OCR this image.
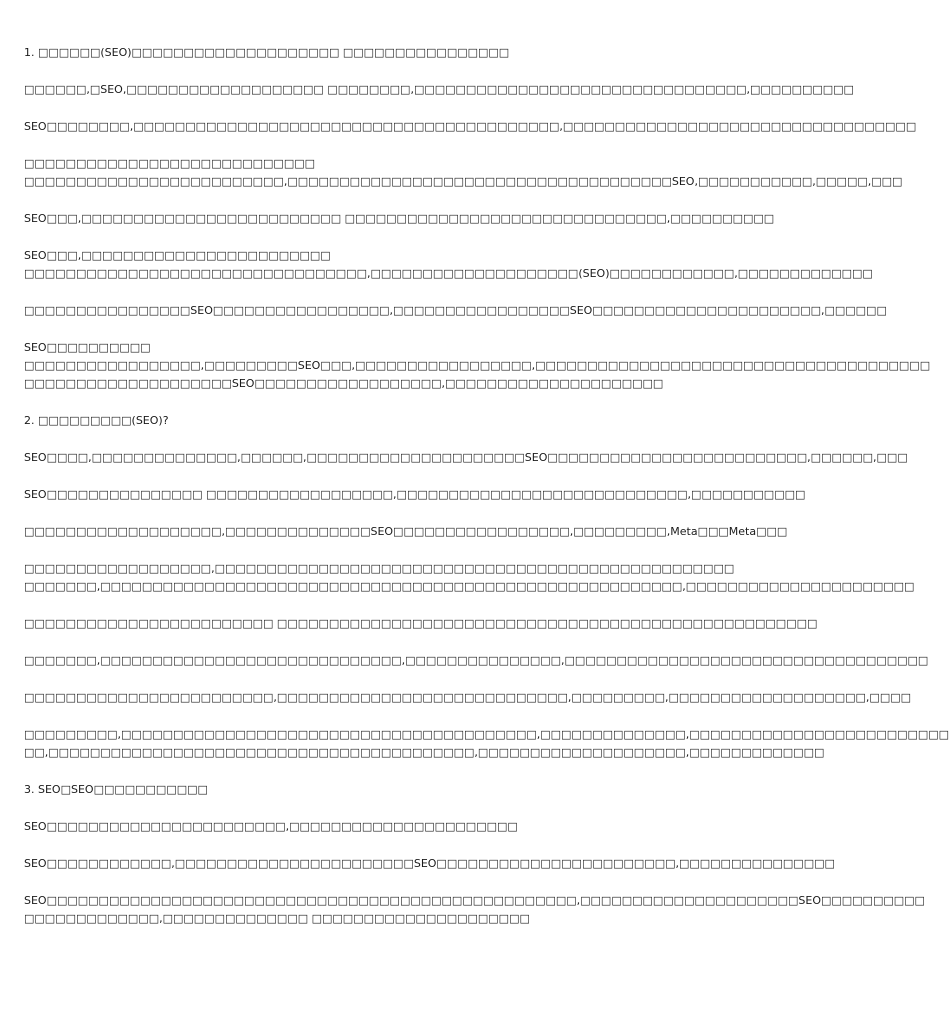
1. □□□□□□(SEO)□□□□□□□□□□□□□□□□□□□□ □□□□□□□□□□□□□□□□
□□□□□□,□SEO,□□□□□□□□□□□□□□□□□□□ □□□□□□□□,□□□□□□□□□□□□□□□□□□□□□□□□□□□□□□□□,□□□□□□□□□□
SEO□□□□□□□□,□□□□□□□□□□□□□□□□□□□□□□□□□□□□□□□□□□□□□□□□□,□□□□□□□□□□□□□□□□□□□□□□□□□□□□□□□□□□
□□□□□□□□□□□□□□□□□□□□□□□□□□□□
□□□□□□□□□□□□□□□□□□□□□□□□□,□□□□□□□□□□□□□□□□□□□□□□□□□□□□□□□□□□□□□SEO,□□□□□□□□□□□,□□□□□,□□□
SEO□□□,□□□□□□□□□□□□□□□□□□□□□□□□□ □□□□□□□□□□□□□□□□□□□□□□□□□□□□□□□,□□□□□□□□□□
SEO□□□,□□□□□□□□□□□□□□□□□□□□□□□□
□□□□□□□□□□□□□□□□□□□□□□□□□□□□□□□□□,□□□□□□□□□□□□□□□□□□□□(SEO)□□□□□□□□□□□□,□□□□□□□□□□□□□
□□□□□□□□□□□□□□□□SEO□□□□□□□□□□□□□□□□□,□□□□□□□□□□□□□□□□□SEO□□□□□□□□□□□□□□□□□□□□□□,□□□□□□
SEO□□□□□□□□□□
□□□□□□□□□□□□□□□□□,□□□□□□□□□SEO□□□,□□□□□□□□□□□□□□□□□,□□□□□□□□□□□□□□□□□□□□□□□□□□□□□□□□□□□□□□
□□□□□□□□□□□□□□□□□□□□SEO□□□□□□□□□□□□□□□□□□,□□□□□□□□□□□□□□□□□□□□□
2. □□□□□□□□□(SEO)?
SEO□□□□,□□□□□□□□□□□□□□,□□□□□□,□□□□□□□□□□□□□□□□□□□□□SEO□□□□□□□□□□□□□□□□□□□□□□□□□,□□□□□□,□□□
SEO□□□□□□□□□□□□□□□ □□□□□□□□□□□□□□□□□□,□□□□□□□□□□□□□□□□□□□□□□□□□□□□,□□□□□□□□□□□
□□□□□□□□□□□□□□□□□□□,□□□□□□□□□□□□□□SEO□□□□□□□□□□□□□□□□□,□□□□□□□□□,Meta□□□Meta□□□
□□□□□□□□□□□□□□□□□□,□□□□□□□□□□□□□□□□□□□□□□□□□□□□□□□□□□□□□□□□□□□□□□□□□□
□□□□□□□,□□□□□□□□□□□□□□□□□□□□□□□□□□□□□□□□□□□□□□□□□□□□□□□□□□□□□□□□,□□□□□□□□□□□□□□□□□□□□□□
□□□□□□□□□□□□□□□□□□□□□□□□ □□□□□□□□□□□□□□□□□□□□□□□□□□□□□□□□□□□□□□□□□□□□□□□□□□□□
□□□□□□□,□□□□□□□□□□□□□□□□□□□□□□□□□□□□□,□□□□□□□□□□□□□□□,□□□□□□□□□□□□□□□□□□□□□□□□□□□□□□□□□□□
□□□□□□□□□□□□□□□□□□□□□□□□,□□□□□□□□□□□□□□□□□□□□□□□□□□□□,□□□□□□□□□,□□□□□□□□□□□□□□□□□□□,□□□□
□□□□□□□□□,□□□□□□□□□□□□□□□□□□□□□□□□□□□□□□□□□□□□□□□□,□□□□□□□□□□□□□□,□□□□□□□□□□□□□□□□□□□□□□□□□
□□,□□□□□□□□□□□□□□□□□□□□□□□□□□□□□□□□□□□□□□□□□,□□□□□□□□□□□□□□□□□□□□,□□□□□□□□□□□□□
3. SEO□SEO□□□□□□□□□□□
SEO□□□□□□□□□□□□□□□□□□□□□□□,□□□□□□□□□□□□□□□□□□□□□□
SEO□□□□□□□□□□□□,□□□□□□□□□□□□□□□□□□□□□□□SEO□□□□□□□□□□□□□□□□□□□□□□□,□□□□□□□□□□□□□□□
SEO□□□□□□□□□□□□□□□□□□□□□□□□□□□□□□□□□□□□□□□□□□□□□□□□□□□,□□□□□□□□□□□□□□□□□□□□□SEO□□□□□□□□□□
□□□□□□□□□□□□□,□□□□□□□□□□□□□□ □□□□□□□□□□□□□□□□□□□□□
